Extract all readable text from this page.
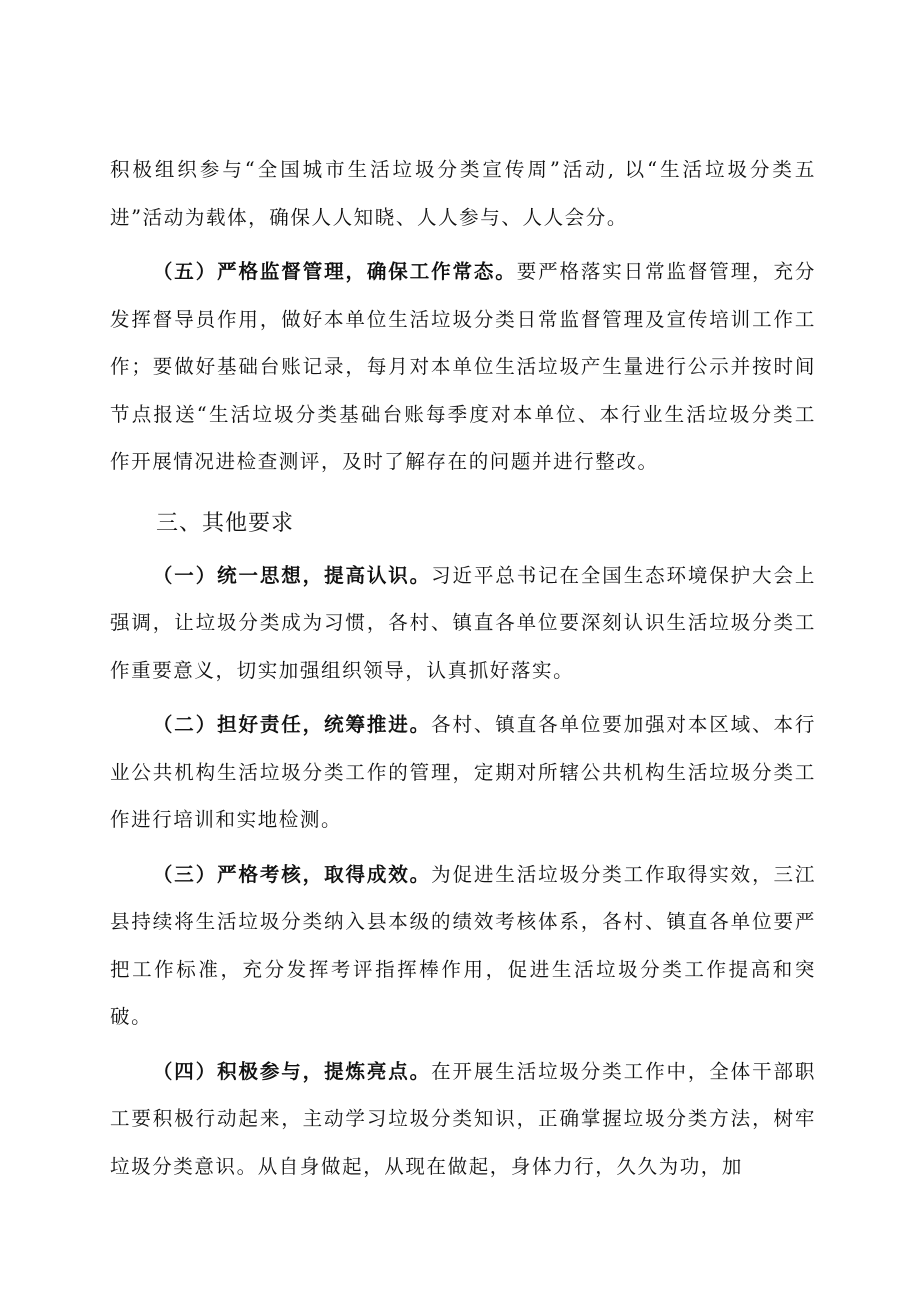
积极组织参与“全国城市生活垃圾分类宣传周”活动, 以“生活垃圾分类五进”活动为载体，确保人人知晓、人人参与、人人会分。

（五）严格监督管理，确保工作常态。要严格落实日常监督管理，充分发挥督导员作用，做好本单位生活垃圾分类日常监督管理及宣传培训工作工作；要做好基础台账记录，每月对本单位生活垃圾产生量进行公示并按时间节点报送“生活垃圾分类基础台账每季度对本单位、本行业生活垃圾分类工作开展情况进检查测评，及时了解存在的问题并进行整改。

三、其他要求

（一）统一思想，提高认识。习近平总书记在全国生态环境保护大会上强调，让垃圾分类成为习惯，各村、镇直各单位要深刻认识生活垃圾分类工作重要意义，切实加强组织领导，认真抓好落实。

（二）担好责任，统筹推进。各村、镇直各单位要加强对本区域、本行业公共机构生活垃圾分类工作的管理，定期对所辖公共机构生活垃圾分类工作进行培训和实地检测。

（三）严格考核，取得成效。为促进生活垃圾分类工作取得实效，三江县持续将生活垃圾分类纳入县本级的绩效考核体系，各村、镇直各单位要严把工作标准，充分发挥考评指挥棒作用，促进生活垃圾分类工作提高和突破。

（四）积极参与，提炼亮点。在开展生活垃圾分类工作中，全体干部职工要积极行动起来，主动学习垃圾分类知识，正确掌握垃圾分类方法，树牢垃圾分类意识。从自身做起，从现在做起，身体力行，久久为功，加
